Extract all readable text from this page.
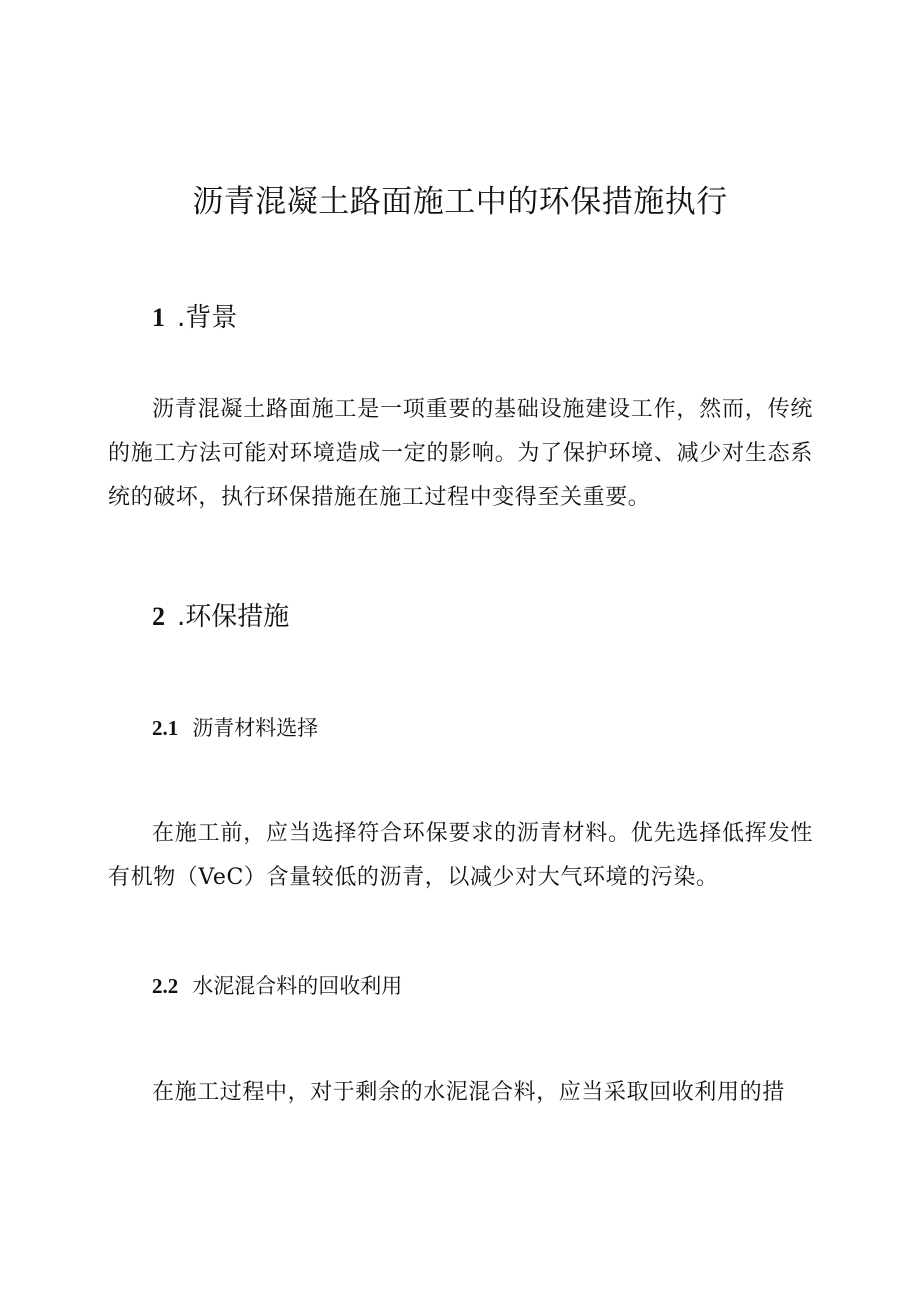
沥青混凝土路面施工中的环保措施执行
1 .背景

沥青混凝土路面施工是一项重要的基础设施建设工作，然而，传统的施工方法可能对环境造成一定的影响。为了保护环境、减少对生态系统的破坏，执行环保措施在施工过程中变得至关重要。

2 .环保措施
2.1 沥青材料选择

在施工前，应当选择符合环保要求的沥青材料。优先选择低挥发性有机物（VeC）含量较低的沥青，以减少对大气环境的污染。

2.2 水泥混合料的回收利用

在施工过程中，对于剩余的水泥混合料，应当采取回收利用的措
